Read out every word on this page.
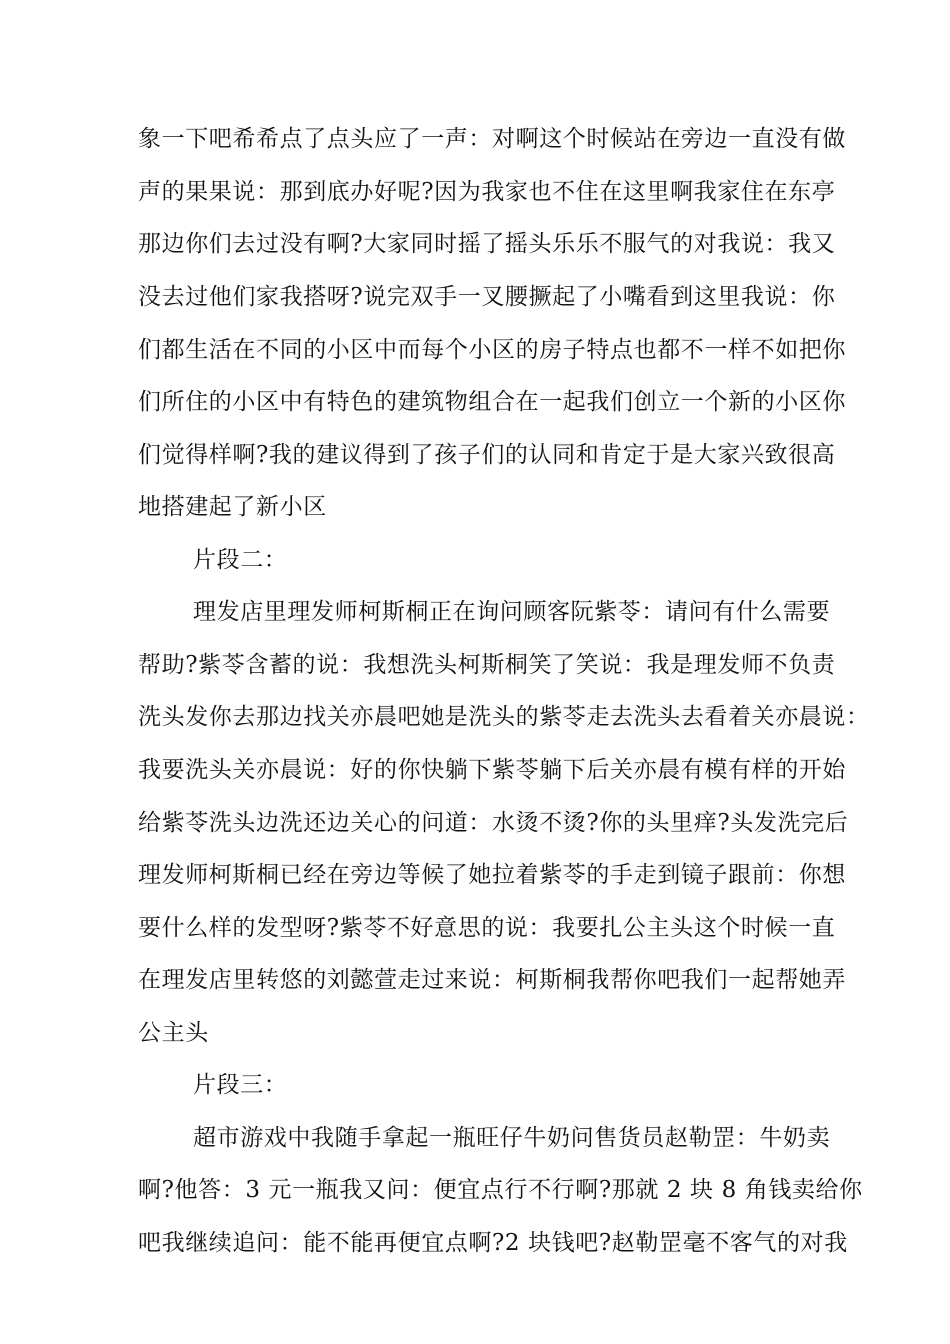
象一下吧希希点了点头应了一声：对啊这个时候站在旁边一直没有做
声的果果说：那到底办好呢?因为我家也不住在这里啊我家住在东亭
那边你们去过没有啊?大家同时摇了摇头乐乐不服气的对我说：我又
没去过他们家我搭呀?说完双手一叉腰撅起了小嘴看到这里我说：你
们都生活在不同的小区中而每个小区的房子特点也都不一样不如把你
们所住的小区中有特色的建筑物组合在一起我们创立一个新的小区你
们觉得样啊?我的建议得到了孩子们的认同和肯定于是大家兴致很高
地搭建起了新小区
片段二：
理发店里理发师柯斯桐正在询问顾客阮紫苓：请问有什么需要
帮助?紫苓含蓄的说：我想洗头柯斯桐笑了笑说：我是理发师不负责
洗头发你去那边找关亦晨吧她是洗头的紫苓走去洗头去看着关亦晨说：
我要洗头关亦晨说：好的你快躺下紫苓躺下后关亦晨有模有样的开始
给紫苓洗头边洗还边关心的问道：水烫不烫?你的头里痒?头发洗完后
理发师柯斯桐已经在旁边等候了她拉着紫苓的手走到镜子跟前：你想
要什么样的发型呀?紫苓不好意思的说：我要扎公主头这个时候一直
在理发店里转悠的刘懿萱走过来说：柯斯桐我帮你吧我们一起帮她弄
公主头
片段三：
超市游戏中我随手拿起一瓶旺仔牛奶问售货员赵勒罡：牛奶卖
啊?他答：3 元一瓶我又问：便宜点行不行啊?那就 2 块 8 角钱卖给你
吧我继续追问：能不能再便宜点啊?2 块钱吧?赵勒罡毫不客气的对我
